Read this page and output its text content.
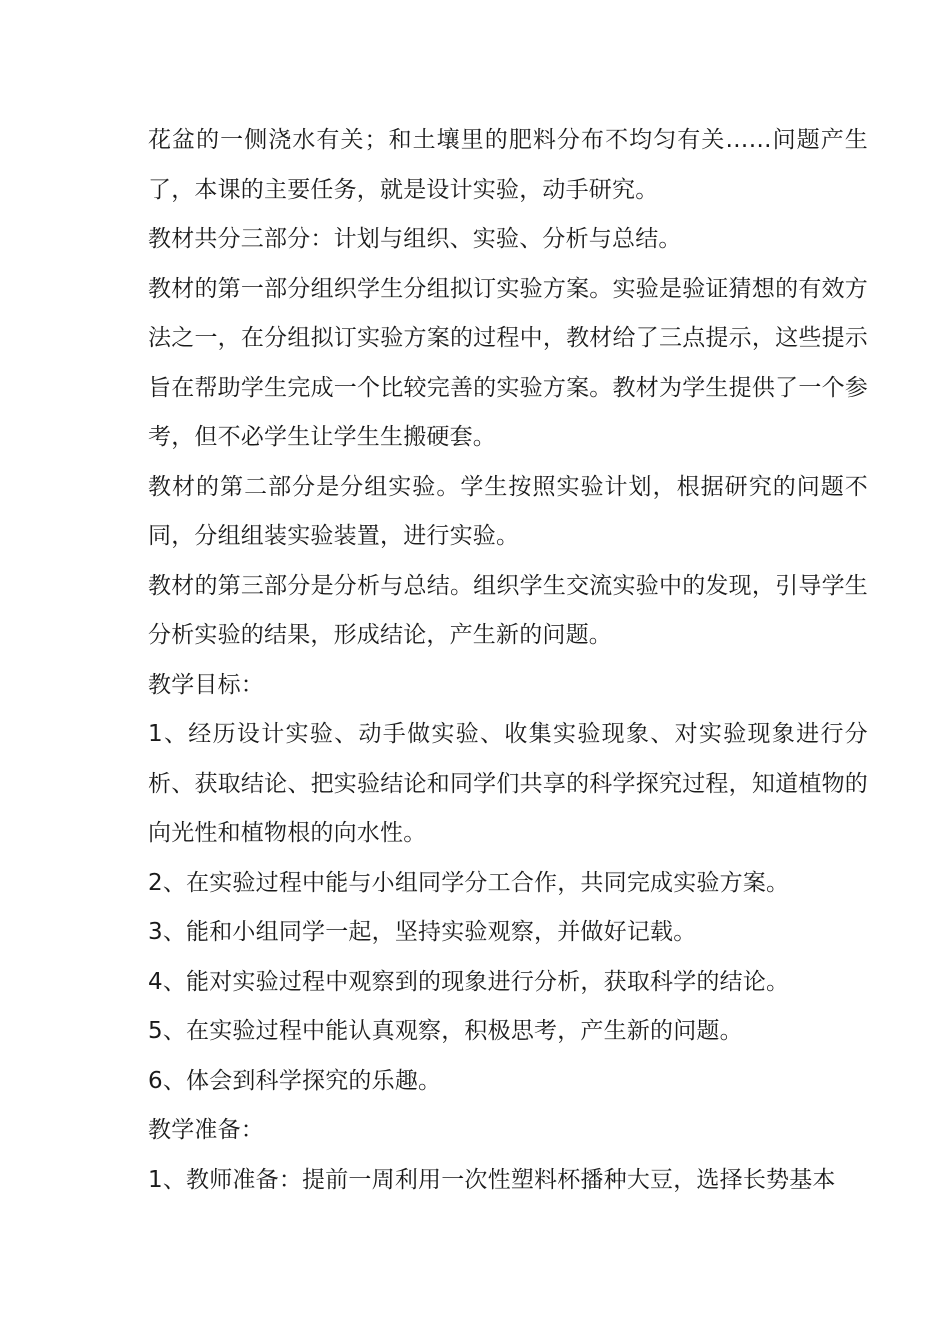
花盆的一侧浇水有关；和土壤里的肥料分布不均匀有关……问题产生了，本课的主要任务，就是设计实验，动手研究。

教材共分三部分：计划与组织、实验、分析与总结。

教材的第一部分组织学生分组拟订实验方案。实验是验证猜想的有效方法之一，在分组拟订实验方案的过程中，教材给了三点提示，这些提示旨在帮助学生完成一个比较完善的实验方案。教材为学生提供了一个参考，但不必学生让学生生搬硬套。

教材的第二部分是分组实验。学生按照实验计划，根据研究的问题不同，分组组装实验装置，进行实验。

教材的第三部分是分析与总结。组织学生交流实验中的发现，引导学生分析实验的结果，形成结论，产生新的问题。

教学目标：

1、经历设计实验、动手做实验、收集实验现象、对实验现象进行分析、获取结论、把实验结论和同学们共享的科学探究过程，知道植物的向光性和植物根的向水性。

2、在实验过程中能与小组同学分工合作，共同完成实验方案。

3、能和小组同学一起，坚持实验观察，并做好记载。

4、能对实验过程中观察到的现象进行分析，获取科学的结论。

5、在实验过程中能认真观察，积极思考，产生新的问题。

6、体会到科学探究的乐趣。

教学准备：

1、教师准备：提前一周利用一次性塑料杯播种大豆，选择长势基本
